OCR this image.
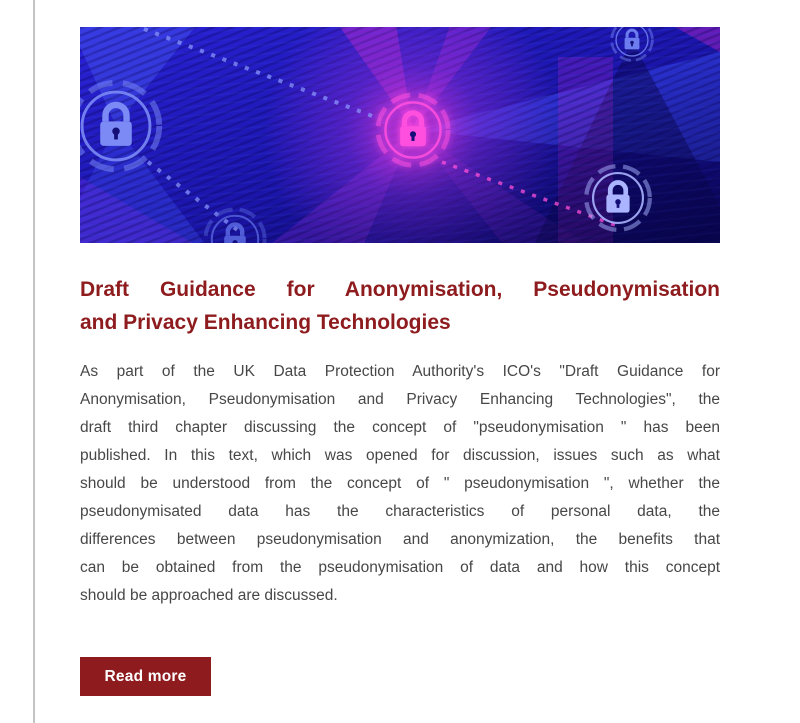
Draft Guidance for Anonymisation, Pseudonymisation
and Privacy Enhancing Technologies
As part of the UK Data Protection Authority's ICO's "Draft Guidance for
Anonymisation, Pseudonymisation and Privacy Enhancing Technologies", the
draft third chapter discussing the concept of "pseudonymisation " has been
published. In this text, which was opened for discussion, issues such as what
should be understood from the concept of " pseudonymisation ", whether the
pseudonymisated data has the characteristics of personal data, the
differences between pseudonymisation and anonymization, the benefits that
can be obtained from the pseudonymisation of data and how this concept
should be approached are discussed.
Read more
